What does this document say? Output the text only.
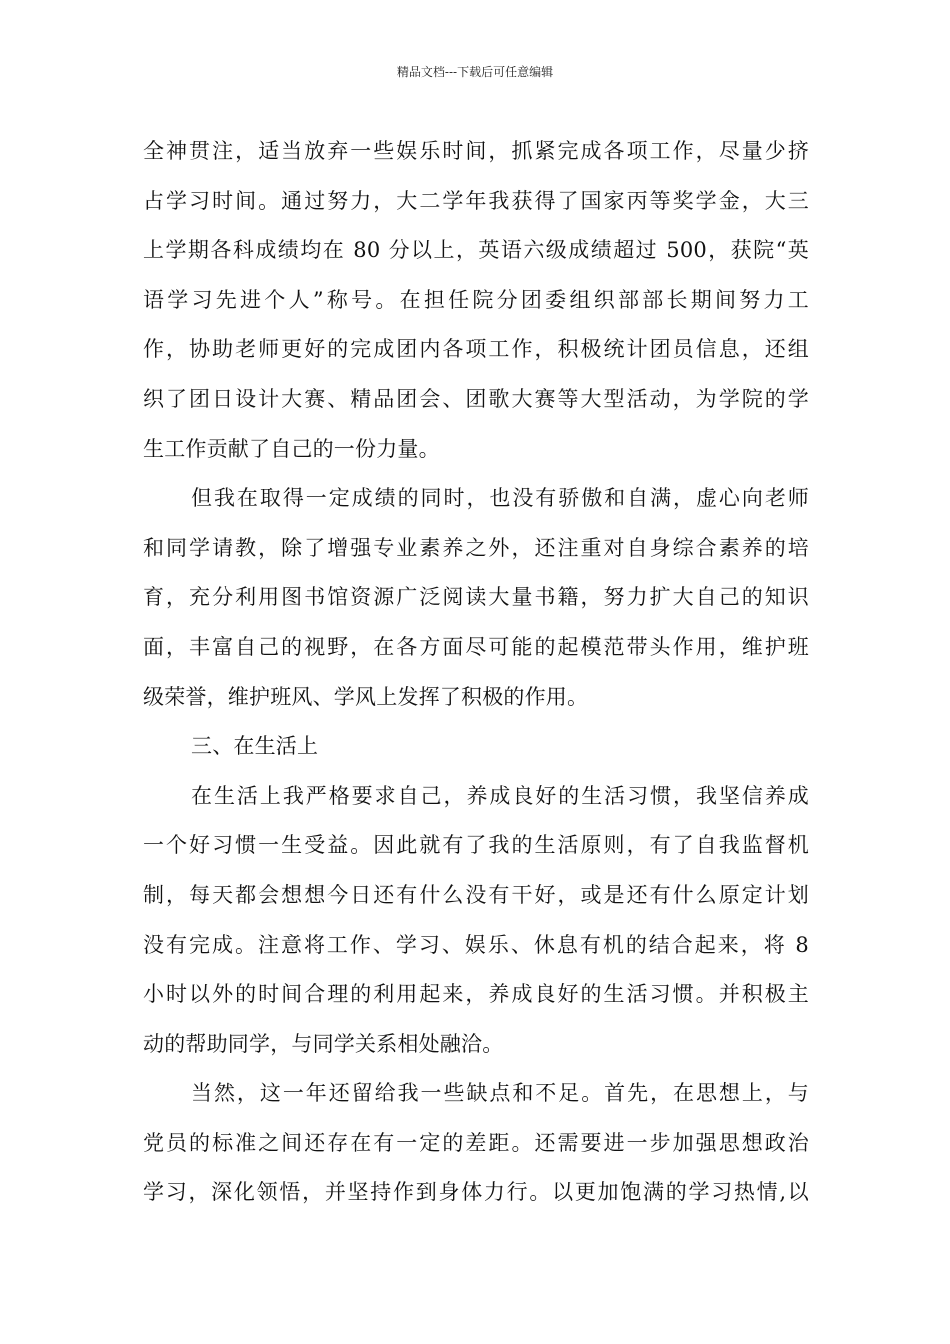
精品文档---下载后可任意编辑
全神贯注，适当放弃一些娱乐时间，抓紧完成各项工作，尽量少挤
占学习时间。通过努力，大二学年我获得了国家丙等奖学金，大三
上学期各科成绩均在 80 分以上，英语六级成绩超过 500，获院“英
语学习先进个人”称号。在担任院分团委组织部部长期间努力工
作，协助老师更好的完成团内各项工作，积极统计团员信息，还组
织了团日设计大赛、精品团会、团歌大赛等大型活动，为学院的学
生工作贡献了自己的一份力量。
但我在取得一定成绩的同时，也没有骄傲和自满，虚心向老师
和同学请教，除了增强专业素养之外，还注重对自身综合素养的培
育，充分利用图书馆资源广泛阅读大量书籍，努力扩大自己的知识
面，丰富自己的视野，在各方面尽可能的起模范带头作用，维护班
级荣誉，维护班风、学风上发挥了积极的作用。
三、在生活上
在生活上我严格要求自己，养成良好的生活习惯，我坚信养成
一个好习惯一生受益。因此就有了我的生活原则，有了自我监督机
制，每天都会想想今日还有什么没有干好，或是还有什么原定计划
没有完成。注意将工作、学习、娱乐、休息有机的结合起来，将 8
小时以外的时间合理的利用起来，养成良好的生活习惯。并积极主
动的帮助同学，与同学关系相处融洽。
当然，这一年还留给我一些缺点和不足。首先，在思想上，与
党员的标准之间还存在有一定的差距。还需要进一步加强思想政治
学习，深化领悟，并坚持作到身体力行。以更加饱满的学习热情,以
